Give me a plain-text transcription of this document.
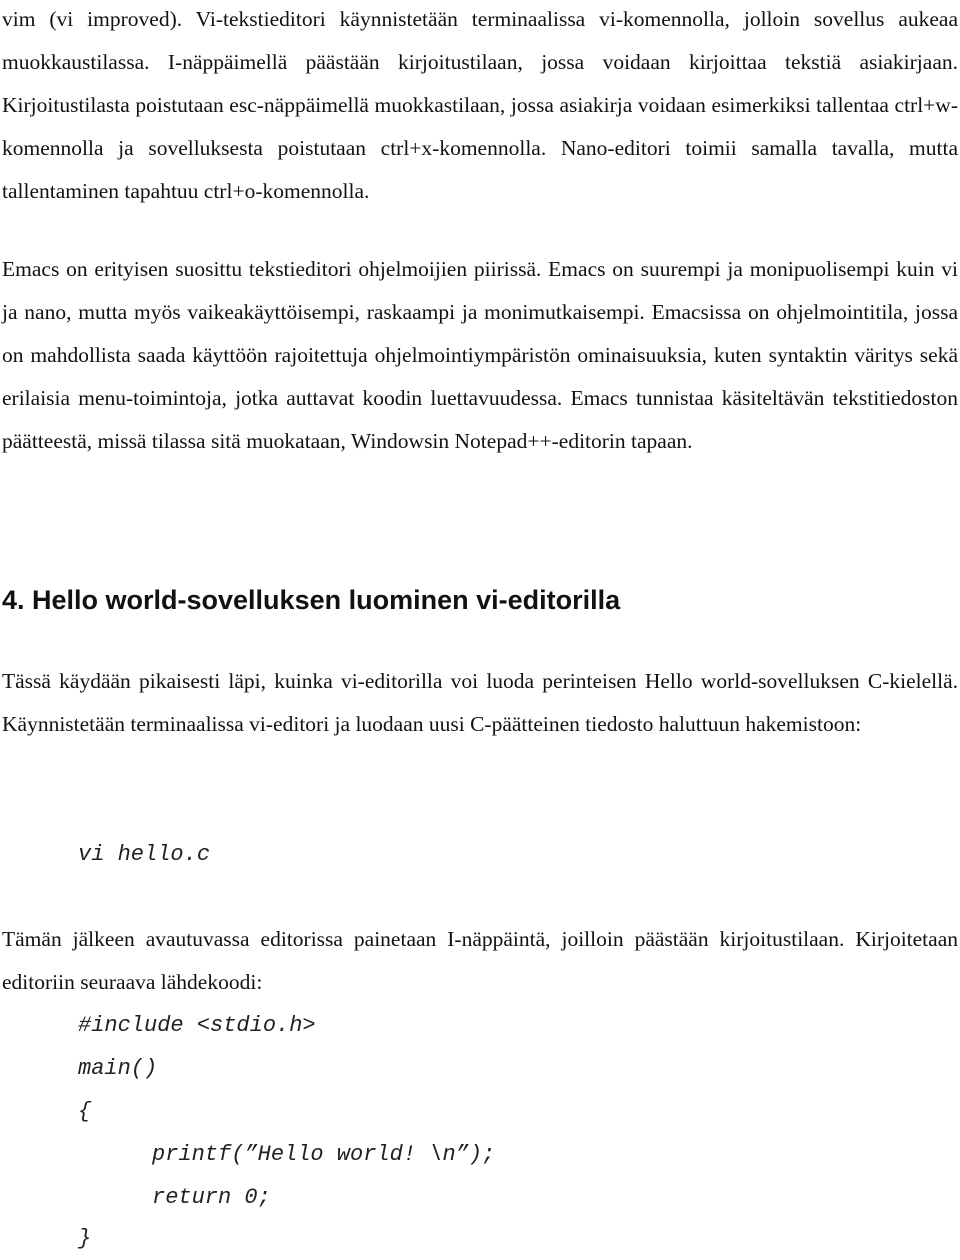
vim (vi improved). Vi-tekstieditori käynnistetään terminaalissa vi-komennolla, jolloin sovellus aukeaa muokkaustilassa. I-näppäimellä päästään kirjoitustilaan, jossa voidaan kirjoittaa tekstiä asiakirjaan. Kirjoitustilasta poistutaan esc-näppäimellä muokkastilaan, jossa asiakirja voidaan esimerkiksi tallentaa ctrl+w-komennolla ja sovelluksesta poistutaan ctrl+x-komennolla. Nano-editori toimii samalla tavalla, mutta tallentaminen tapahtuu ctrl+o-komennolla.

Emacs on erityisen suosittu tekstieditori ohjelmoijien piirissä. Emacs on suurempi ja monipuolisempi kuin vi ja nano, mutta myös vaikeakäyttöisempi, raskaampi ja monimutkaisempi. Emacsissa on ohjelmointitila, jossa on mahdollista saada käyttöön rajoitettuja ohjelmointiympäristön ominaisuuksia, kuten syntaktin väritys sekä erilaisia menu-toimintoja, jotka auttavat koodin luettavuudessa. Emacs tunnistaa käsiteltävän tekstitiedoston päätteestä, missä tilassa sitä muokataan, Windowsin Notepad++-editorin tapaan.

4. Hello world-sovelluksen luominen vi-editorilla

Tässä käydään pikaisesti läpi, kuinka vi-editorilla voi luoda perinteisen Hello world-sovelluksen C-kielellä. Käynnistetään terminaalissa vi-editori ja luodaan uusi C-päätteinen tiedosto haluttuun hakemistoon:

vi hello.c

Tämän jälkeen avautuvassa editorissa painetaan I-näppäintä, joilloin päästään kirjoitustilaan. Kirjoitetaan editoriin seuraava lähdekoodi:

#include <stdio.h>
main()
{
printf(”Hello world! \n”);
return 0;
}
